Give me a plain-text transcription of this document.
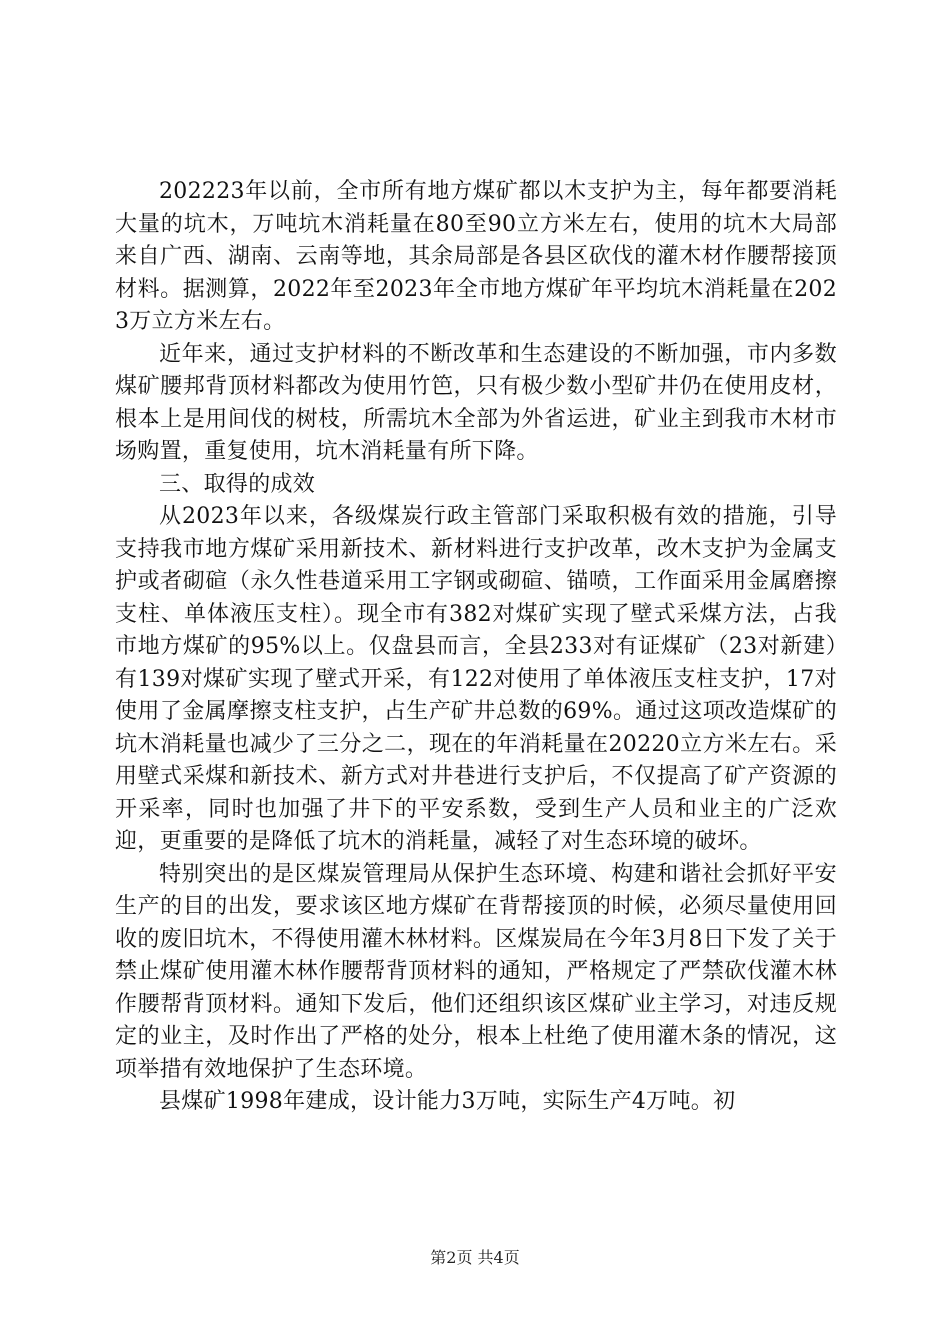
202223年以前，全市所有地方煤矿都以木支护为主，每年都要消耗大量的坑木，万吨坑木消耗量在80至90立方米左右，使用的坑木大局部来自广西、湖南、云南等地，其余局部是各县区砍伐的灌木材作腰帮接顶材料。据测算，2022年至2023年全市地方煤矿年平均坑木消耗量在2023万立方米左右。

近年来，通过支护材料的不断改革和生态建设的不断加强，市内多数煤矿腰邦背顶材料都改为使用竹笆，只有极少数小型矿井仍在使用皮材，根本上是用间伐的树枝，所需坑木全部为外省运进，矿业主到我市木材市场购置，重复使用，坑木消耗量有所下降。

三、取得的成效

从2023年以来，各级煤炭行政主管部门采取积极有效的措施，引导支持我市地方煤矿采用新技术、新材料进行支护改革，改木支护为金属支护或者砌碹（永久性巷道采用工字钢或砌碹、锚喷，工作面采用金属磨擦支柱、单体液压支柱）。现全市有382对煤矿实现了壁式采煤方法，占我市地方煤矿的95%以上。仅盘县而言，全县233对有证煤矿（23对新建）有139对煤矿实现了壁式开采，有122对使用了单体液压支柱支护，17对使用了金属摩擦支柱支护，占生产矿井总数的69%。通过这项改造煤矿的坑木消耗量也减少了三分之二，现在的年消耗量在20220立方米左右。采用壁式采煤和新技术、新方式对井巷进行支护后，不仅提高了矿产资源的开采率，同时也加强了井下的平安系数，受到生产人员和业主的广泛欢迎，更重要的是降低了坑木的消耗量，减轻了对生态环境的破坏。

特别突出的是区煤炭管理局从保护生态环境、构建和谐社会抓好平安生产的目的出发，要求该区地方煤矿在背帮接顶的时候，必须尽量使用回收的废旧坑木，不得使用灌木林材料。区煤炭局在今年3月8日下发了关于禁止煤矿使用灌木林作腰帮背顶材料的通知，严格规定了严禁砍伐灌木林作腰帮背顶材料。通知下发后，他们还组织该区煤矿业主学习，对违反规定的业主，及时作出了严格的处分，根本上杜绝了使用灌木条的情况，这项举措有效地保护了生态环境。

县煤矿1998年建成，设计能力3万吨，实际生产4万吨。初

第2页 共4页
